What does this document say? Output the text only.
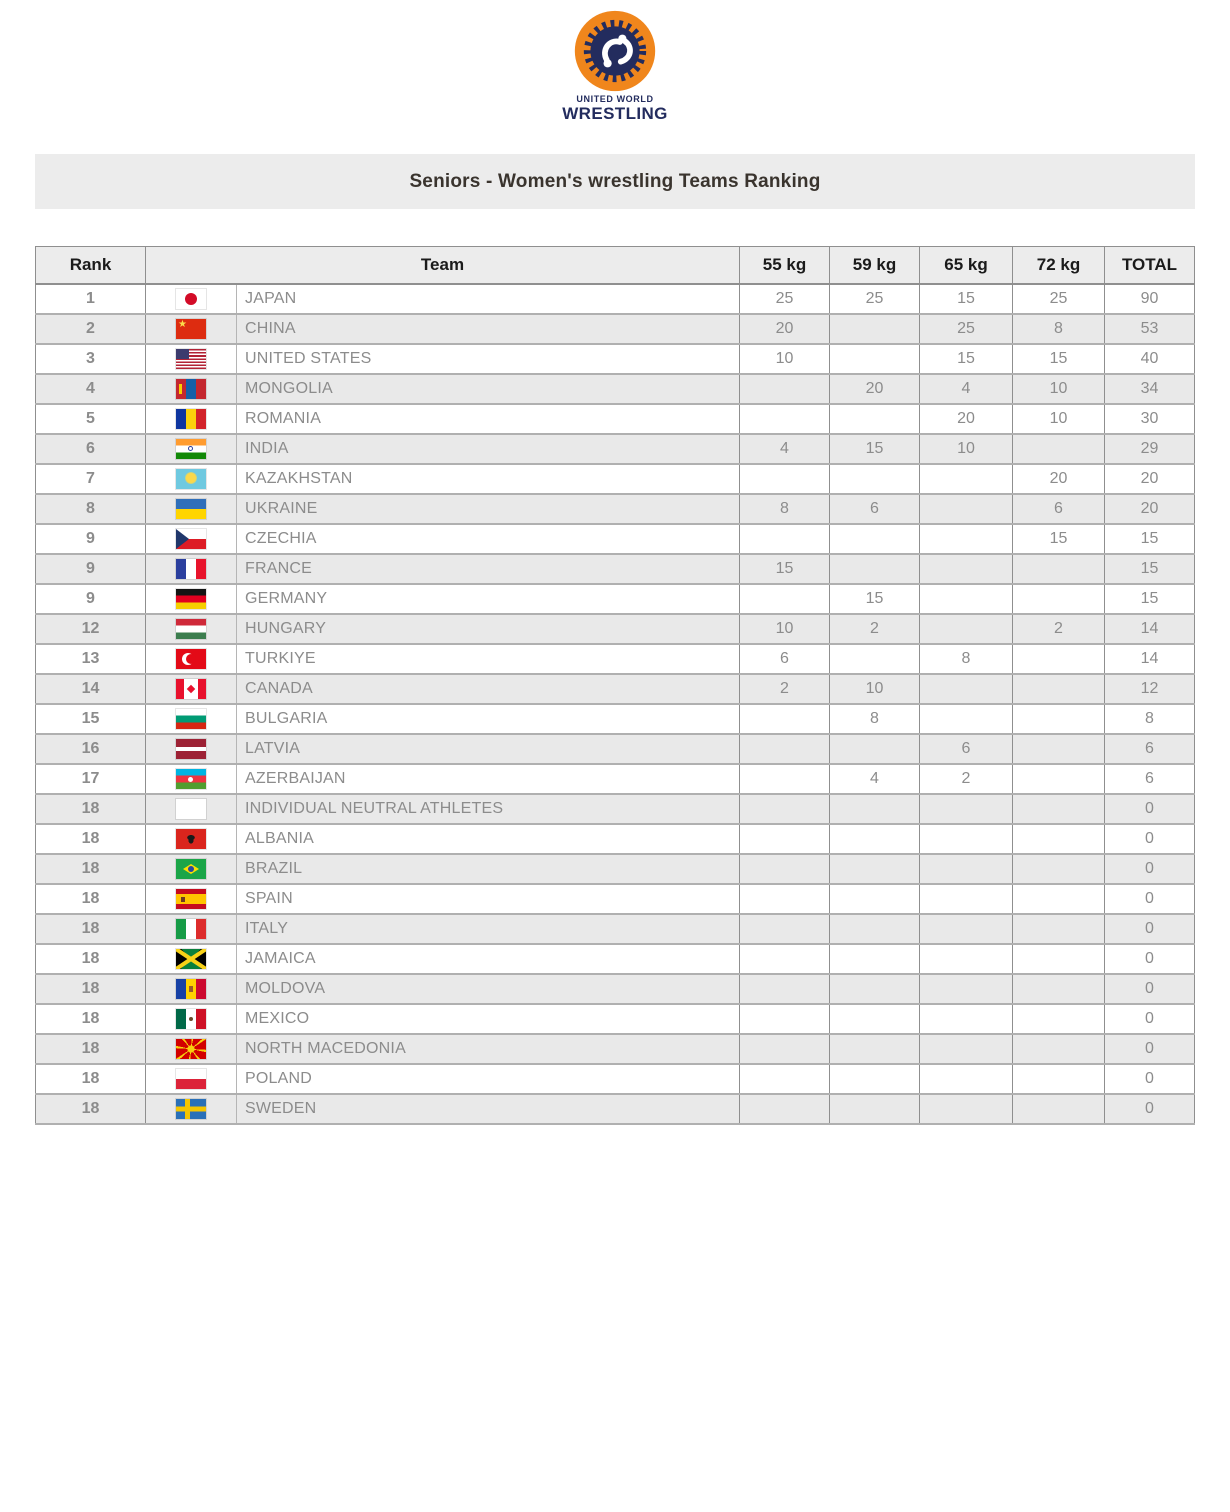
UNITED WORLD
WRESTLING
Seniors - Women's wrestling Teams Ranking
Rank	Team		55 kg	59 kg	65 kg	72 kg	TOTAL
1		JAPAN	25	25	15	25	90
2	★	CHINA	20		25	8	53
3		UNITED STATES	10		15	15	40
4		MONGOLIA		20	4	10	34
5		ROMANIA			20	10	30
6		INDIA	4	15	10		29
7		KAZAKHSTAN				20	20
8		UKRAINE	8	6		6	20
9		CZECHIA				15	15
9		FRANCE	15				15
9		GERMANY		15			15
12		HUNGARY	10	2		2	14
13		TURKIYE	6		8		14
14		CANADA	2	10			12
15		BULGARIA		8			8
16		LATVIA			6		6
17		AZERBAIJAN		4	2		6
18		INDIVIDUAL NEUTRAL ATHLETES					0
18		ALBANIA					0
18		BRAZIL					0
18		SPAIN					0
18		ITALY					0
18		JAMAICA					0
18		MOLDOVA					0
18		MEXICO					0
18		NORTH MACEDONIA					0
18		POLAND					0
18		SWEDEN					0
